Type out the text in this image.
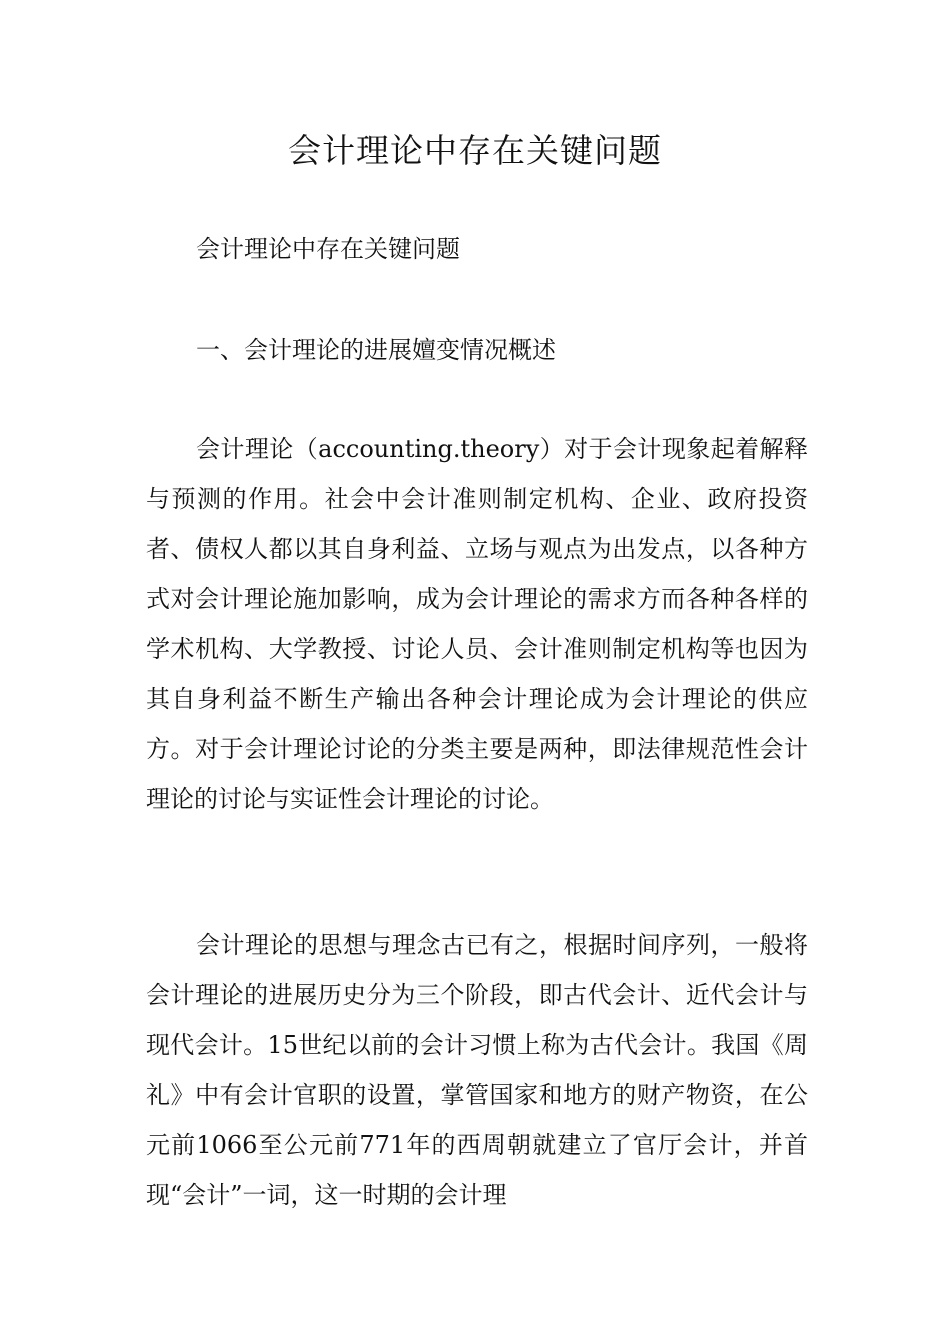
会计理论中存在关键问题

会计理论中存在关键问题

一、会计理论的进展嬗变情况概述

会计理论（accounting.theory）对于会计现象起着解释与预测的作用。社会中会计准则制定机构、企业、政府投资者、债权人都以其自身利益、立场与观点为出发点，以各种方式对会计理论施加影响，成为会计理论的需求方而各种各样的学术机构、大学教授、讨论人员、会计准则制定机构等也因为其自身利益不断生产输出各种会计理论成为会计理论的供应方。对于会计理论讨论的分类主要是两种，即法律规范性会计理论的讨论与实证性会计理论的讨论。

会计理论的思想与理念古已有之，根据时间序列，一般将会计理论的进展历史分为三个阶段，即古代会计、近代会计与现代会计。15世纪以前的会计习惯上称为古代会计。我国《周礼》中有会计官职的设置，掌管国家和地方的财产物资，在公元前1066至公元前771年的西周朝就建立了官厅会计，并首现“会计”一词，这一时期的会计理
